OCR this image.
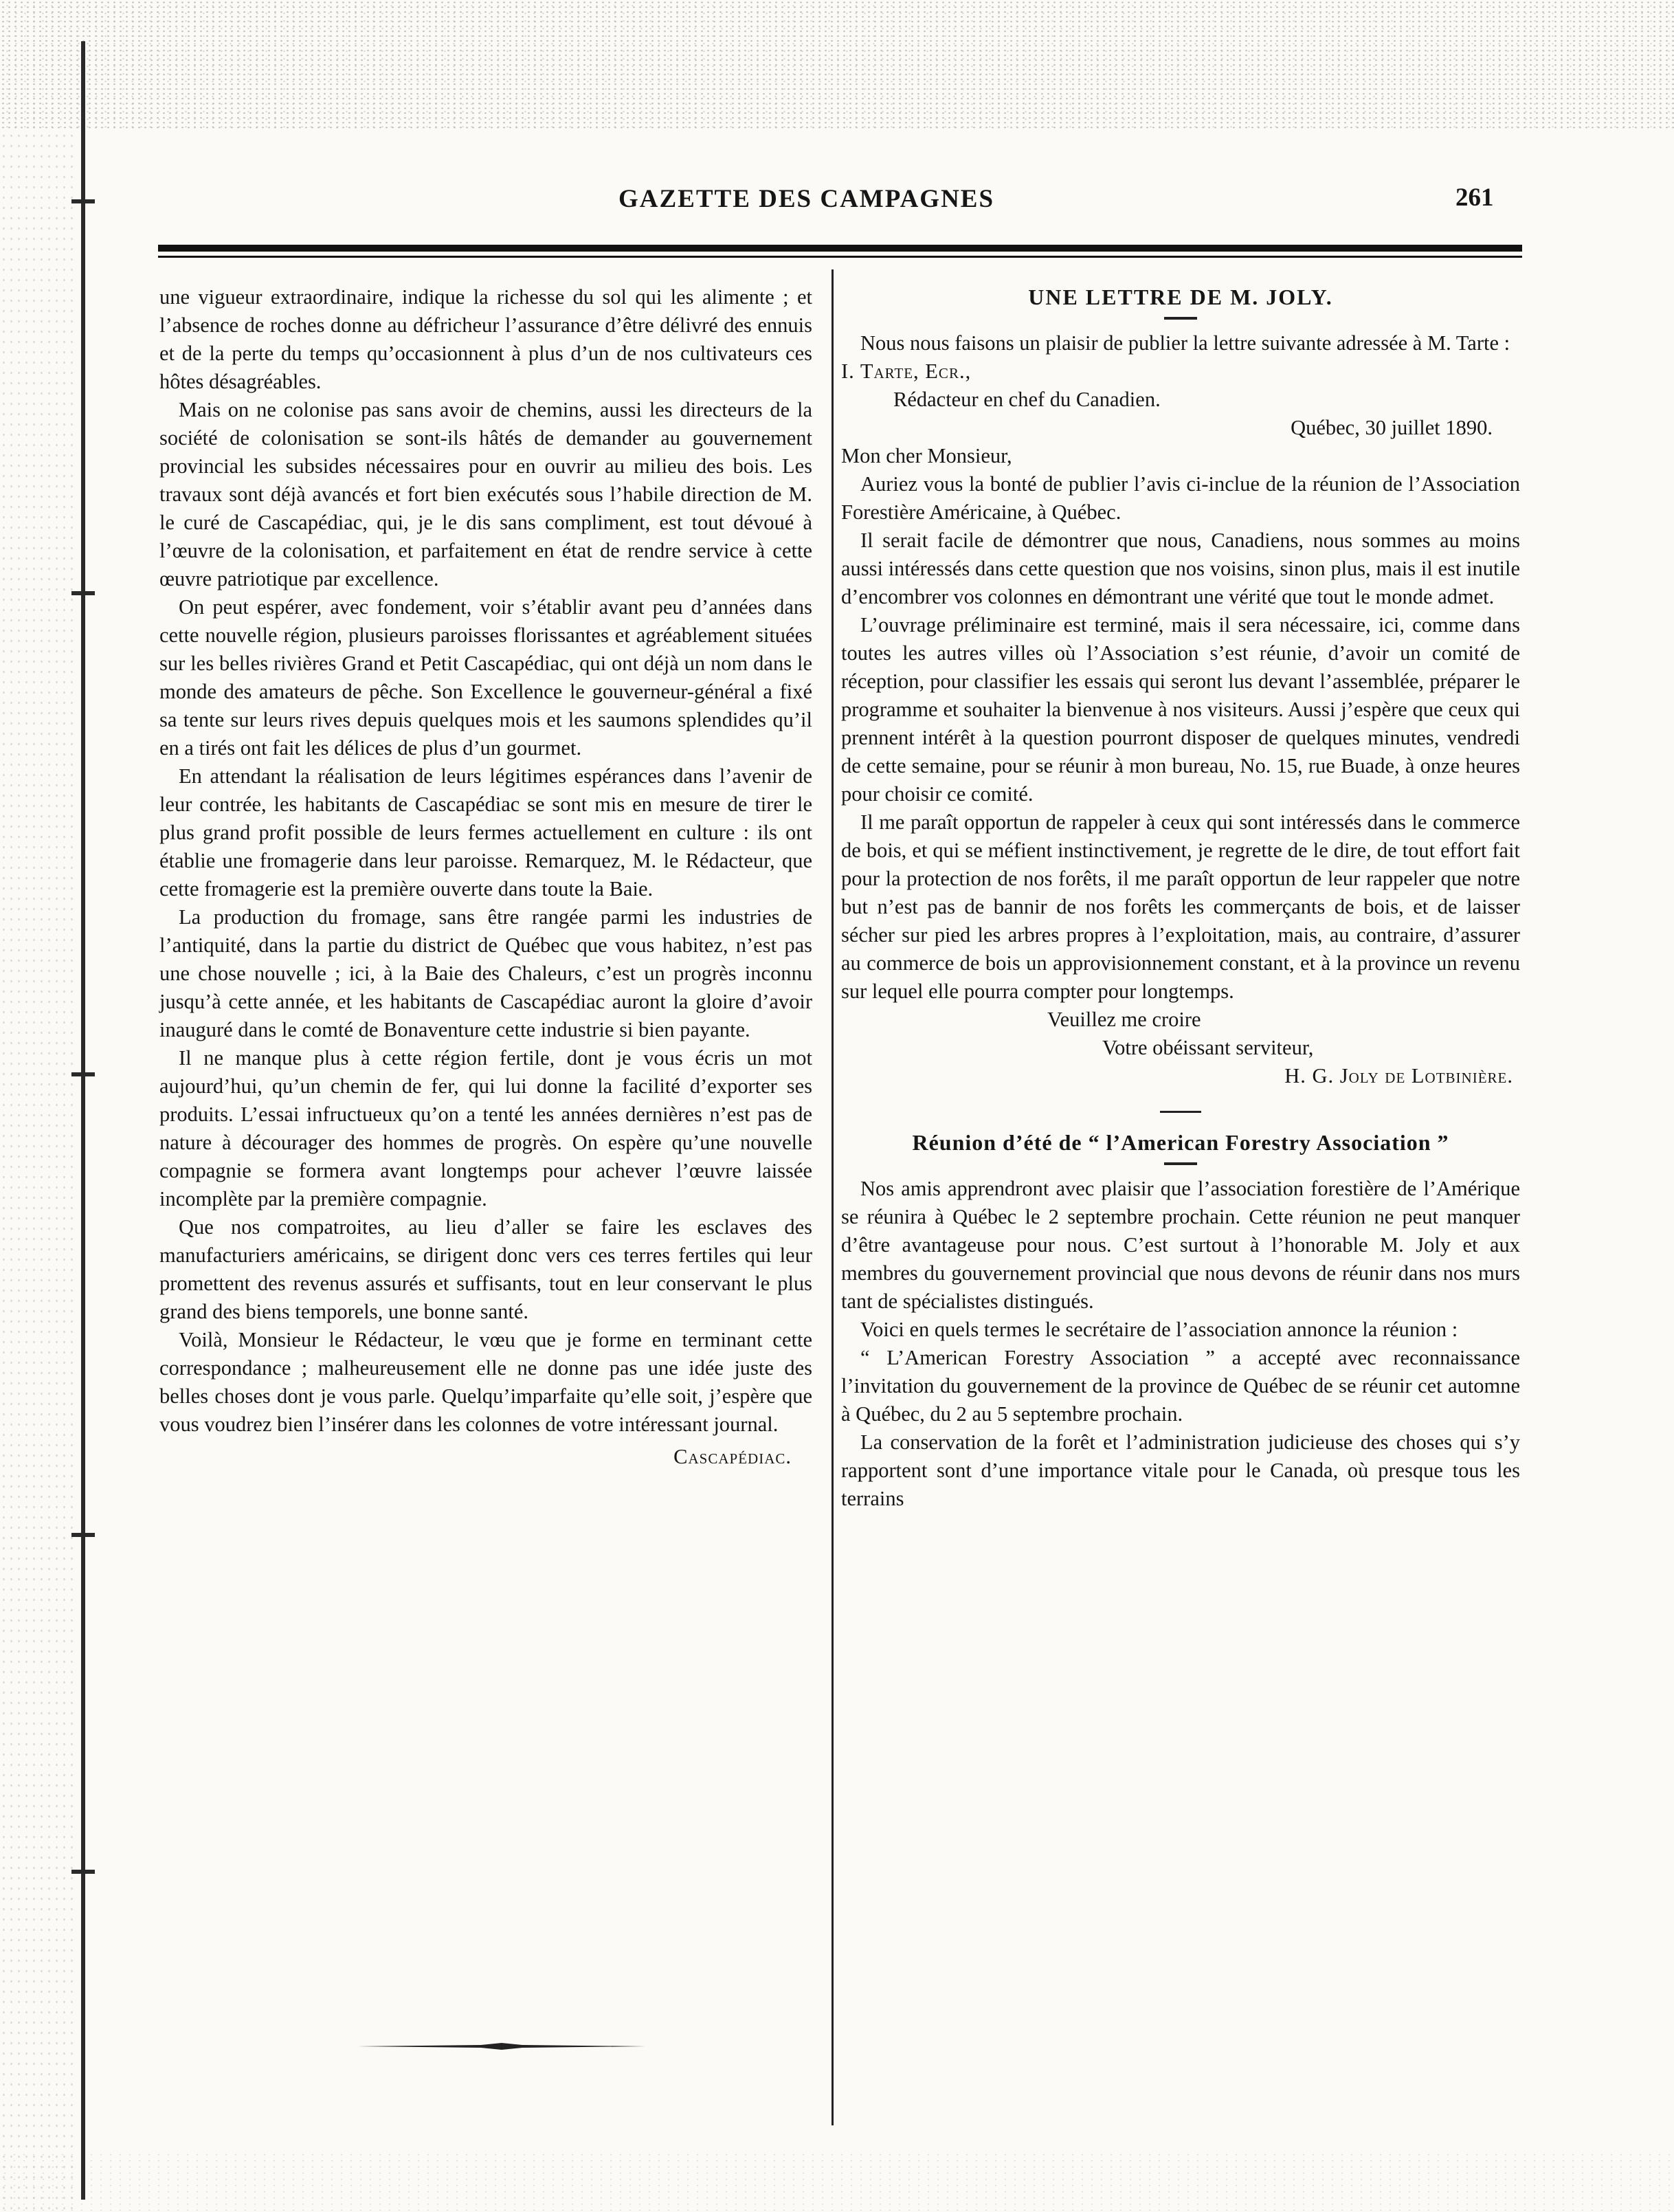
GAZETTE DES CAMPAGNES	261

une vigueur extraordinaire, indique la richesse du sol qui les alimente ; et l’absence de roches donne au défricheur l’assurance d’être délivré des ennuis et de la perte du temps qu’occasionnent à plus d’un de nos cultivateurs ces hôtes désagréables.

Mais on ne colonise pas sans avoir de chemins, aussi les directeurs de la société de colonisation se sont-ils hâtés de demander au gouvernement provincial les subsides nécessaires pour en ouvrir au milieu des bois. Les travaux sont déjà avancés et fort bien exécutés sous l’habile direction de M. le curé de Cascapédiac, qui, je le dis sans compliment, est tout dévoué à l’œuvre de la colonisation, et parfaitement en état de rendre service à cette œuvre patriotique par excellence.

On peut espérer, avec fondement, voir s’établir avant peu d’années dans cette nouvelle région, plusieurs paroisses florissantes et agréablement situées sur les belles rivières Grand et Petit Cascapédiac, qui ont déjà un nom dans le monde des amateurs de pêche. Son Excellence le gouverneur-général a fixé sa tente sur leurs rives depuis quelques mois et les saumons splendides qu’il en a tirés ont fait les délices de plus d’un gourmet.

En attendant la réalisation de leurs légitimes espérances dans l’avenir de leur contrée, les habitants de Cascapédiac se sont mis en mesure de tirer le plus grand profit possible de leurs fermes actuellement en culture : ils ont établie une fromagerie dans leur paroisse. Remarquez, M. le Rédacteur, que cette fromagerie est la première ouverte dans toute la Baie.

La production du fromage, sans être rangée parmi les industries de l’antiquité, dans la partie du district de Québec que vous habitez, n’est pas une chose nouvelle ; ici, à la Baie des Chaleurs, c’est un progrès inconnu jusqu’à cette année, et les habitants de Cascapédiac auront la gloire d’avoir inauguré dans le comté de Bonaventure cette industrie si bien payante.

Il ne manque plus à cette région fertile, dont je vous écris un mot aujourd’hui, qu’un chemin de fer, qui lui donne la facilité d’exporter ses produits. L’essai infructueux qu’on a tenté les années dernières n’est pas de nature à décourager des hommes de progrès. On espère qu’une nouvelle compagnie se formera avant longtemps pour achever l’œuvre laissée incomplète par la première compagnie.

Que nos compatroites, au lieu d’aller se faire les esclaves des manufacturiers américains, se dirigent donc vers ces terres fertiles qui leur promettent des revenus assurés et suffisants, tout en leur conservant le plus grand des biens temporels, une bonne santé.

Voilà, Monsieur le Rédacteur, le vœu que je forme en terminant cette correspondance ; malheureusement elle ne donne pas une idée juste des belles choses dont je vous parle. Quelqu’imparfaite qu’elle soit, j’espère que vous voudrez bien l’insérer dans les colonnes de votre intéressant journal.

Cascapédiac.
UNE LETTRE DE M. JOLY.

Nous nous faisons un plaisir de publier la lettre suivante adressée à M. Tarte :

I. Tarte, Ecr.,

Rédacteur en chef du Canadien.

Québec, 30 juillet 1890.

Mon cher Monsieur,

Auriez vous la bonté de publier l’avis ci-inclue de la réunion de l’Association Forestière Américaine, à Québec.

Il serait facile de démontrer que nous, Canadiens, nous sommes au moins aussi intéressés dans cette question que nos voisins, sinon plus, mais il est inutile d’encombrer vos colonnes en démontrant une vérité que tout le monde admet.

L’ouvrage préliminaire est terminé, mais il sera nécessaire, ici, comme dans toutes les autres villes où l’Association s’est réunie, d’avoir un comité de réception, pour classifier les essais qui seront lus devant l’assemblée, préparer le programme et souhaiter la bienvenue à nos visiteurs. Aussi j’espère que ceux qui prennent intérêt à la question pourront disposer de quelques minutes, vendredi de cette semaine, pour se réunir à mon bureau, No. 15, rue Buade, à onze heures pour choisir ce comité.

Il me paraît opportun de rappeler à ceux qui sont intéressés dans le commerce de bois, et qui se méfient instinctivement, je regrette de le dire, de tout effort fait pour la protection de nos forêts, il me paraît opportun de leur rappeler que notre but n’est pas de bannir de nos forêts les commerçants de bois, et de laisser sécher sur pied les arbres propres à l’exploitation, mais, au contraire, d’assurer au commerce de bois un approvisionnement constant, et à la province un revenu sur lequel elle pourra compter pour longtemps.

Veuillez me croire

Votre obéissant serviteur,

H. G. Joly de Lotbinière.

Réunion d’été de “ l’American Forestry Association ”

Nos amis apprendront avec plaisir que l’association forestière de l’Amérique se réunira à Québec le 2 septembre prochain. Cette réunion ne peut manquer d’être avantageuse pour nous. C’est surtout à l’honorable M. Joly et aux membres du gouvernement provincial que nous devons de réunir dans nos murs tant de spécialistes distingués.

Voici en quels termes le secrétaire de l’association annonce la réunion :

“ L’American Forestry Association ” a accepté avec reconnaissance l’invitation du gouvernement de la province de Québec de se réunir cet automne à Québec, du 2 au 5 septembre prochain.

La conservation de la forêt et l’administration judicieuse des choses qui s’y rapportent sont d’une importance vitale pour le Canada, où presque tous les terrains
